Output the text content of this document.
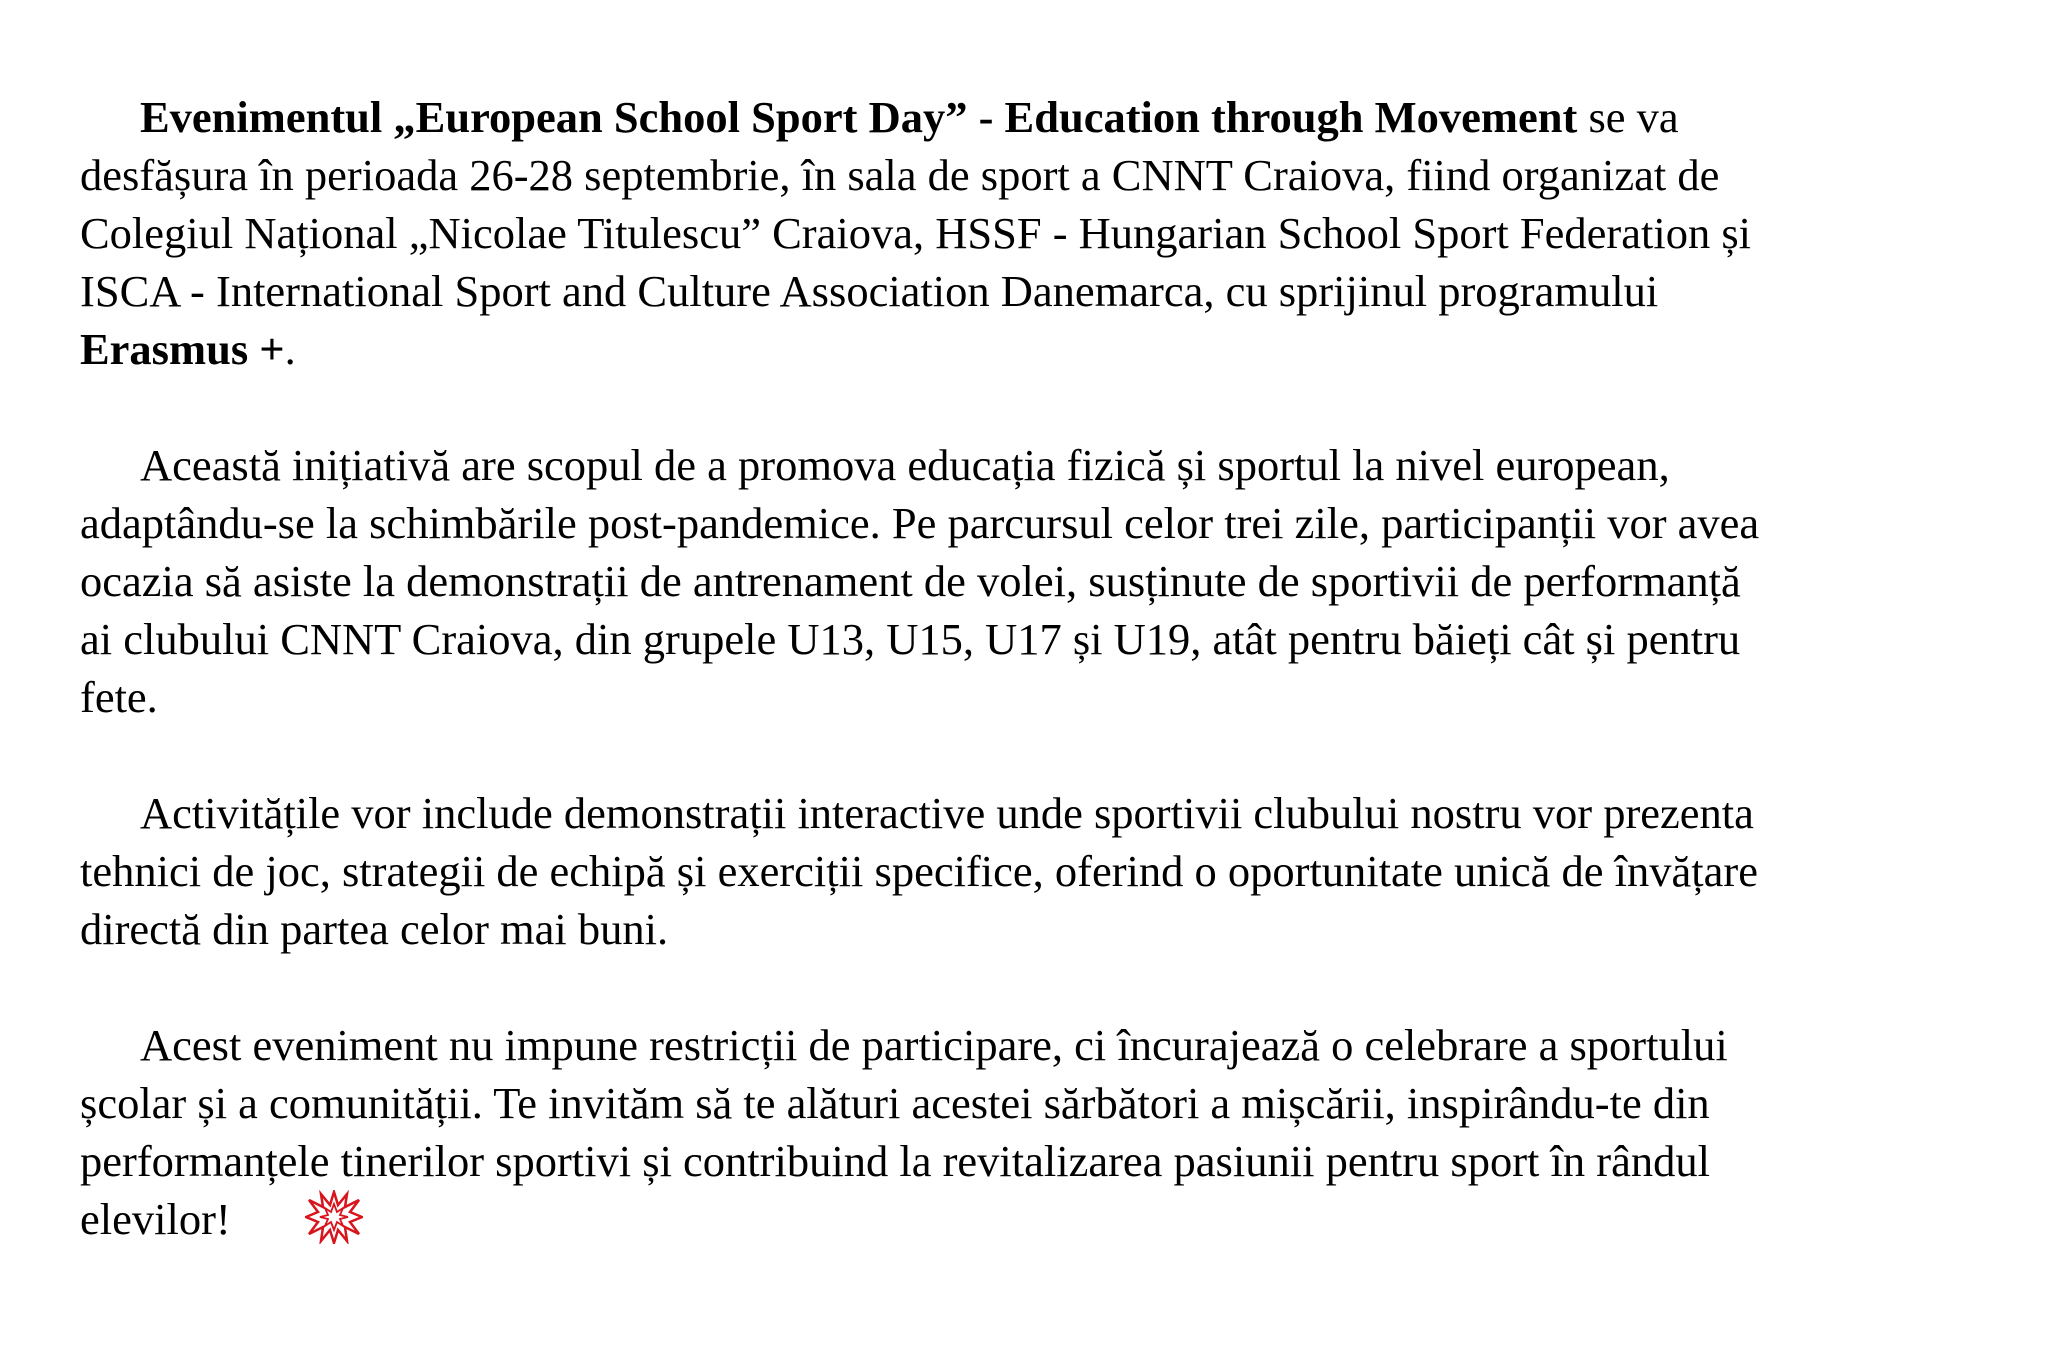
Evenimentul „European School Sport Day” - Education through Movement se va
desfășura în perioada 26-28 septembrie, în sala de sport a CNNT Craiova, fiind organizat de
Colegiul Național „Nicolae Titulescu” Craiova, HSSF - Hungarian School Sport Federation și
ISCA - International Sport and Culture Association Danemarca, cu sprijinul programului
Erasmus +.

Această inițiativă are scopul de a promova educația fizică și sportul la nivel european,
adaptându-se la schimbările post-pandemice. Pe parcursul celor trei zile, participanții vor avea
ocazia să asiste la demonstrații de antrenament de volei, susținute de sportivii de performanță
ai clubului CNNT Craiova, din grupele U13, U15, U17 și U19, atât pentru băieți cât și pentru
fete.

Activitățile vor include demonstrații interactive unde sportivii clubului nostru vor prezenta
tehnici de joc, strategii de echipă și exerciții specifice, oferind o oportunitate unică de învățare
directă din partea celor mai buni.

Acest eveniment nu impune restricții de participare, ci încurajează o celebrare a sportului
școlar și a comunității. Te invităm să te alături acestei sărbători a mișcării, inspirându-te din
performanțele tinerilor sportivi și contribuind la revitalizarea pasiunii pentru sport în rândul
elevilor!
